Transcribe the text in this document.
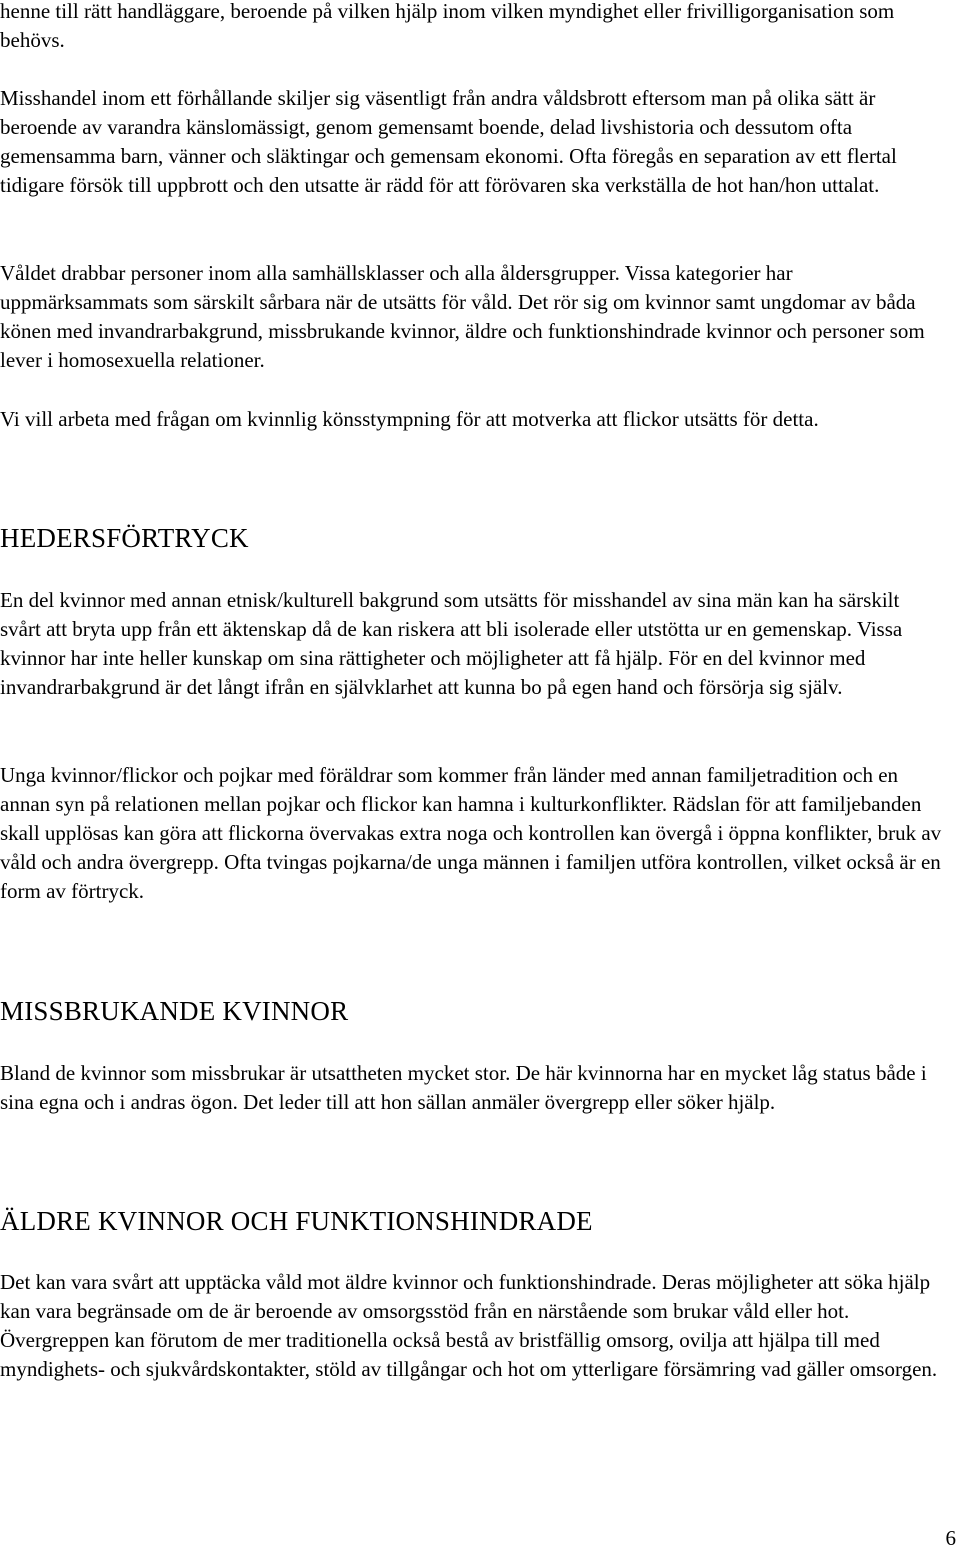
henne till rätt handläggare, beroende på vilken hjälp inom vilken myndighet eller frivilligorganisation som behövs.

Misshandel inom ett förhållande skiljer sig väsentligt från andra våldsbrott eftersom man på olika sätt är beroende av varandra känslomässigt, genom gemensamt boende, delad livshistoria och dessutom ofta gemensamma barn, vänner och släktingar och gemensam ekonomi. Ofta föregås en separation av ett flertal tidigare försök till uppbrott och den utsatte är rädd för att förövaren ska verkställa de hot han/hon uttalat.

Våldet drabbar personer inom alla samhällsklasser och alla åldersgrupper. Vissa kategorier har uppmärksammats som särskilt sårbara när de utsätts för våld. Det rör sig om kvinnor samt ungdomar av båda könen med invandrarbakgrund, missbrukande kvinnor, äldre och funktionshindrade kvinnor och personer som lever i homosexuella relationer.

Vi vill arbeta med frågan om kvinnlig könsstympning för att motverka att flickor utsätts för detta.

HEDERSFÖRTRYCK

En del kvinnor med annan etnisk/kulturell bakgrund som utsätts för misshandel av sina män kan ha särskilt svårt att bryta upp från ett äktenskap då de kan riskera att bli isolerade eller utstötta ur en gemenskap. Vissa kvinnor har inte heller kunskap om sina rättigheter och möjligheter att få hjälp. För en del kvinnor med invandrarbakgrund är det långt ifrån en självklarhet att kunna bo på egen hand och försörja sig själv.

Unga kvinnor/flickor och pojkar med föräldrar som kommer från länder med annan familjetradition och en annan syn på relationen mellan pojkar och flickor kan hamna i kulturkonflikter. Rädslan för att familjebanden skall upplösas kan göra att flickorna övervakas extra noga och kontrollen kan övergå i öppna konflikter, bruk av våld och andra övergrepp. Ofta tvingas pojkarna/de unga männen i familjen utföra kontrollen, vilket också är en form av förtryck.

MISSBRUKANDE KVINNOR

Bland de kvinnor som missbrukar är utsattheten mycket stor. De här kvinnorna har en mycket låg status både i sina egna och i andras ögon. Det leder till att hon sällan anmäler övergrepp eller söker hjälp.

ÄLDRE KVINNOR OCH FUNKTIONSHINDRADE

Det kan vara svårt att upptäcka våld mot äldre kvinnor och funktionshindrade. Deras möjligheter att söka hjälp kan vara begränsade om de är beroende av omsorgsstöd från en närstående som brukar våld eller hot. Övergreppen kan förutom de mer traditionella också bestå av bristfällig omsorg, ovilja att hjälpa till med myndighets- och sjukvårdskontakter, stöld av tillgångar och hot om ytterligare försämring vad gäller omsorgen.

6
